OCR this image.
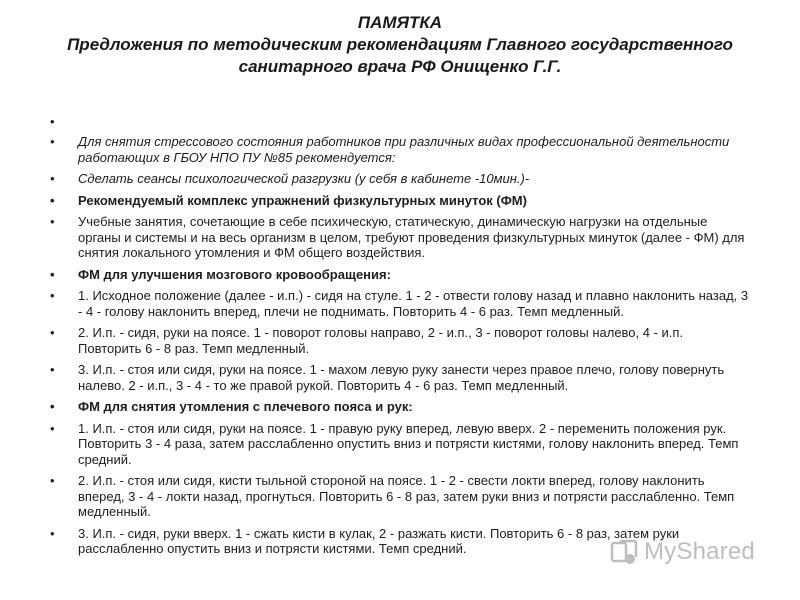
ПАМЯТКА
Предложения по методическим рекомендациям Главного государственного
санитарного врача РФ Онищенко Г.Г.
•
•	Для снятия стрессового состояния работников при различных видах профессиональной деятельности работающих в ГБОУ НПО ПУ №85 рекомендуется:
•	Сделать сеансы психологической разгрузки (у себя в кабинете -10мин.)-
•	Рекомендуемый комплекс упражнений физкультурных минуток (ФМ)
•	Учебные занятия, сочетающие в себе психическую, статическую, динамическую нагрузки на отдельные органы и системы и на весь организм в целом, требуют проведения физкультурных минуток (далее - ФМ) для снятия локального утомления и ФМ общего воздействия.
•	ФМ для улучшения мозгового кровообращения:
•	1. Исходное положение (далее - и.п.) - сидя на стуле. 1 - 2 - отвести голову назад и плавно наклонить назад, 3 - 4 - голову наклонить вперед, плечи не поднимать. Повторить 4 - 6 раз. Темп медленный.
•	2. И.п. - сидя, руки на поясе. 1 - поворот головы направо, 2 - и.п., 3 - поворот головы налево, 4 - и.п. Повторить 6 - 8 раз. Темп медленный.
•	3. И.п. - стоя или сидя, руки на поясе. 1 - махом левую руку занести через правое плечо, голову повернуть налево. 2 - и.п., 3 - 4 - то же правой рукой. Повторить 4 - 6 раз. Темп медленный.
•	ФМ для снятия утомления с плечевого пояса и рук:
•	1. И.п. - стоя или сидя, руки на поясе. 1 - правую руку вперед, левую вверх. 2 - переменить положения рук. Повторить 3 - 4 раза, затем расслабленно опустить вниз и потрясти кистями, голову наклонить вперед. Темп средний.
•	2. И.п. - стоя или сидя, кисти тыльной стороной на поясе. 1 - 2 - свести локти вперед, голову наклонить вперед, 3 - 4 - локти назад, прогнуться. Повторить 6 - 8 раз, затем руки вниз и потрясти расслабленно. Темп медленный.
•	3. И.п. - сидя, руки вверх. 1 - сжать кисти в кулак, 2 - разжать кисти. Повторить 6 - 8 раз, затем руки расслабленно опустить вниз и потрясти кистями. Темп средний.	MyShared
